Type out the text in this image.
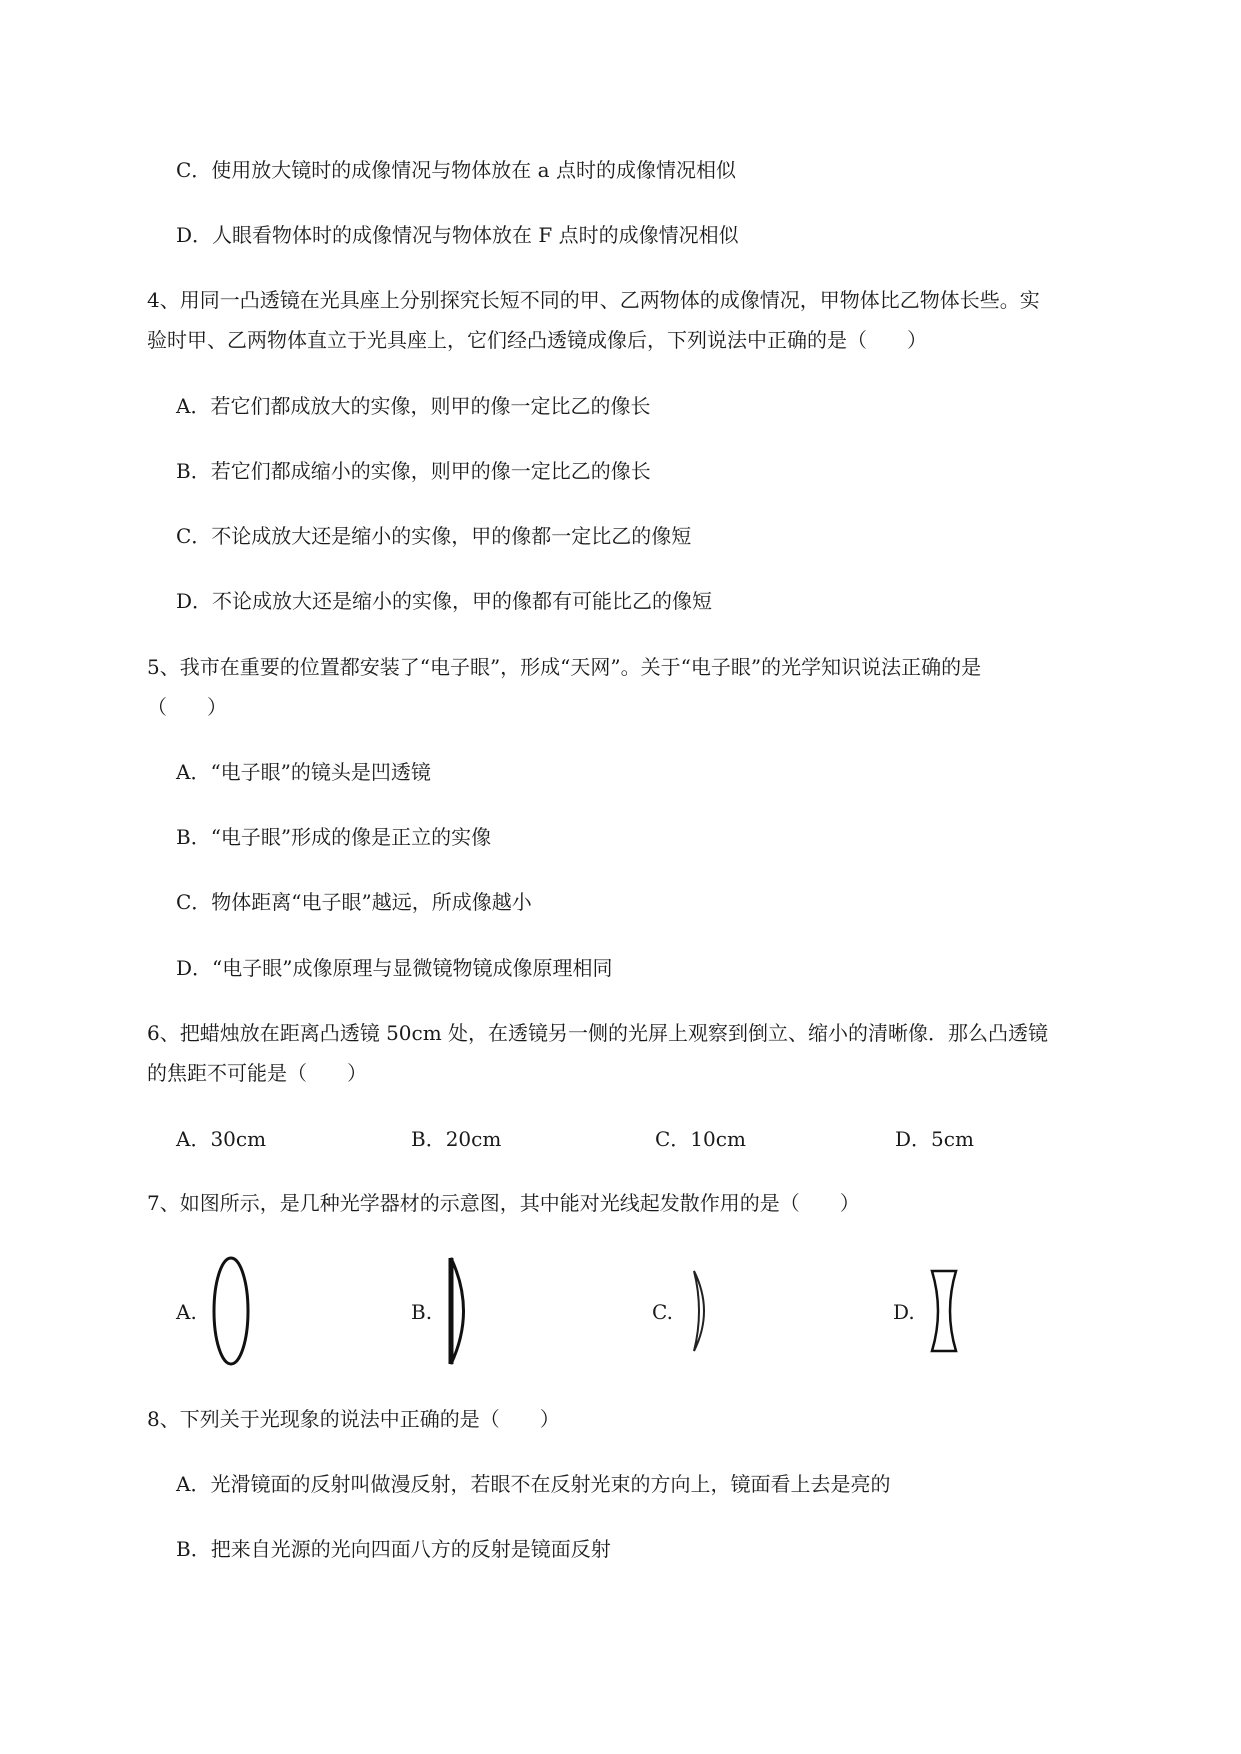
C．使用放大镜时的成像情况与物体放在 a 点时的成像情况相似
D．人眼看物体时的成像情况与物体放在 F 点时的成像情况相似
4、用同一凸透镜在光具座上分别探究长短不同的甲、乙两物体的成像情况，甲物体比乙物体长些。实
验时甲、乙两物体直立于光具座上，它们经凸透镜成像后，下列说法中正确的是（　　）
A．若它们都成放大的实像，则甲的像一定比乙的像长
B．若它们都成缩小的实像，则甲的像一定比乙的像长
C．不论成放大还是缩小的实像，甲的像都一定比乙的像短
D．不论成放大还是缩小的实像，甲的像都有可能比乙的像短
5、我市在重要的位置都安装了“电子眼”，形成“天网”。关于“电子眼”的光学知识说法正确的是
（　　）
A．“电子眼”的镜头是凹透镜
B．“电子眼”形成的像是正立的实像
C．物体距离“电子眼”越远，所成像越小
D．“电子眼”成像原理与显微镜物镜成像原理相同
6、把蜡烛放在距离凸透镜 50cm 处，在透镜另一侧的光屏上观察到倒立、缩小的清晰像．那么凸透镜
的焦距不可能是（　　）
A．30cm	B．20cm	C．10cm	D．5cm
7、如图所示，是几种光学器材的示意图，其中能对光线起发散作用的是（　　）
A.	B.	C.	D.
8、下列关于光现象的说法中正确的是（　　）
A．光滑镜面的反射叫做漫反射，若眼不在反射光束的方向上，镜面看上去是亮的
B．把来自光源的光向四面八方的反射是镜面反射
